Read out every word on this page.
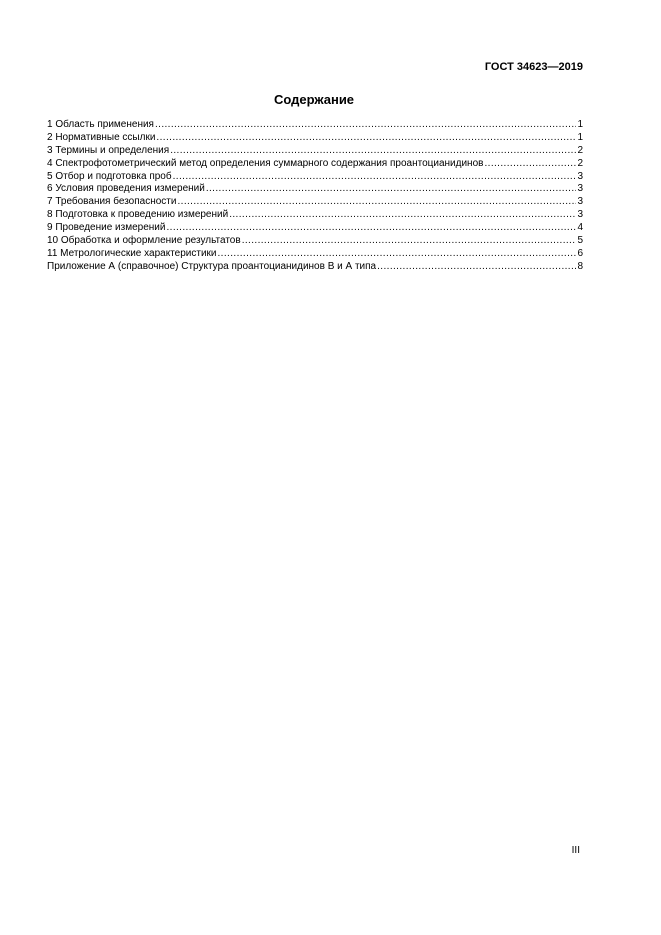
ГОСТ 34623—2019
Содержание
1 Область применения .....	1
2 Нормативные ссылки .....	1
3 Термины и определения .....	2
4 Спектрофотометрический метод определения суммарного содержания проантоцианидинов .....	2
5 Отбор и подготовка проб .....	3
6 Условия проведения измерений .....	3
7 Требования безопасности .....	3
8 Подготовка к проведению измерений .....	3
9 Проведение измерений .....	4
10 Обработка и оформление результатов .....	5
11 Метрологические характеристики .....	6
Приложение А (справочное) Структура проантоцианидинов B и А типа .....	8
III
